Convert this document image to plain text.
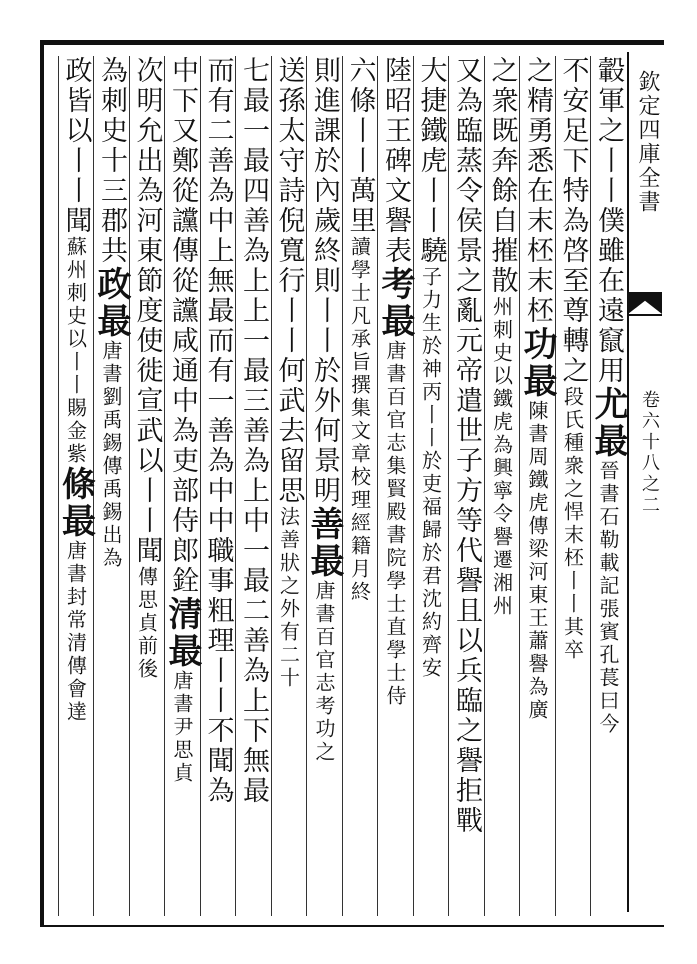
欽定四庫全書
卷六十八之二
轂軍之丨丨僕雖在遠竄用尤最晉書石勒載記張賓孔萇曰今
不安足下特為啓至尊轉之段氏種衆之悍末柸丨丨其卒
之精勇悉在末柸末柸功最陳書周鐵虎傳梁河東王蕭譽為廣
之衆既奔餘自摧散州刺史以鐵虎為興寧令譽遷湘州
又為臨蒸令侯景之亂元帝遣世子方等代譽且以兵臨之譽拒戰
大捷鐵虎丨丨驍子力生於神丙丨丨於吏福歸於君沈約齊安
陸昭王碑文譽表考最唐書百官志集賢殿書院學士直學士侍
六條丨丨萬里讀學士凡承旨撰集文章校理經籍月終
則進課於內歲終則丨丨於外何景明善最唐書百官志考功之
送孫太守詩倪寬行丨丨何武去留思法善狀之外有二十
七最一最四善為上上一最三善為上中一最二善為上下無最
而有二善為中上無最而有一善為中中職事粗理丨丨不聞為
中下又鄭從讜傳從讜咸通中為吏部侍郎銓清最唐書尹思貞
次明允出為河東節度使徙宣武以丨丨聞傳思貞前後
為刺史十三郡共政最唐書劉禹錫傳禹錫出為
政皆以丨丨聞蘇州刺史以丨丨賜金紫條最唐書封常清傳會達
